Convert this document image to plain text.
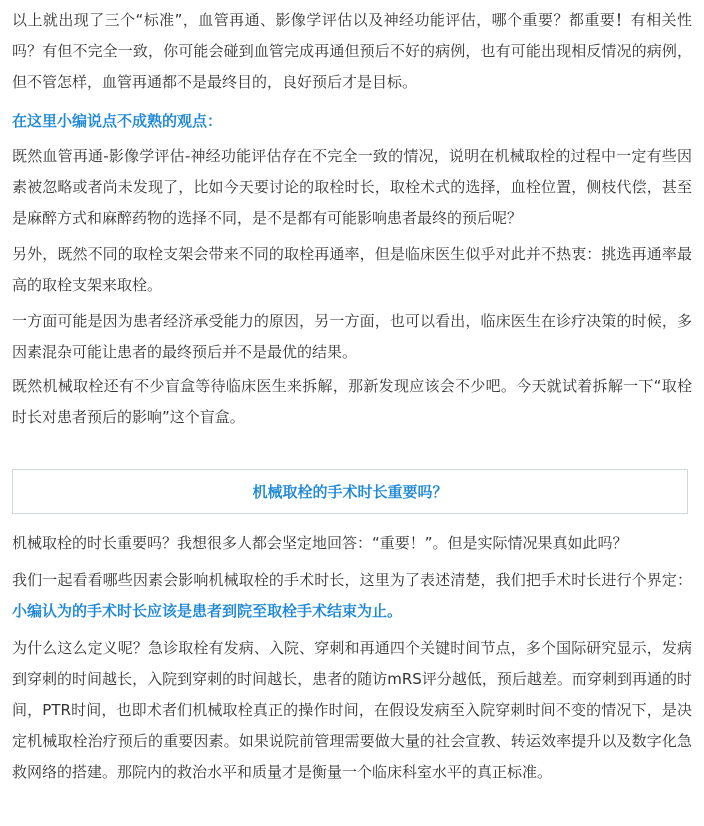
以上就出现了三个“标准”，血管再通、影像学评估以及神经功能评估，哪个重要？都重要！有相关性吗？有但不完全一致，你可能会碰到血管完成再通但预后不好的病例，也有可能出现相反情况的病例，但不管怎样，血管再通都不是最终目的，良好预后才是目标。

在这里小编说点不成熟的观点：

既然血管再通-影像学评估-神经功能评估存在不完全一致的情况，说明在机械取栓的过程中一定有些因素被忽略或者尚未发现了，比如今天要讨论的取栓时长，取栓术式的选择，血栓位置，侧枝代偿，甚至是麻醉方式和麻醉药物的选择不同，是不是都有可能影响患者最终的预后呢？

另外，既然不同的取栓支架会带来不同的取栓再通率，但是临床医生似乎对此并不热衷：挑选再通率最高的取栓支架来取栓。

一方面可能是因为患者经济承受能力的原因，另一方面，也可以看出，临床医生在诊疗决策的时候，多因素混杂可能让患者的最终预后并不是最优的结果。

既然机械取栓还有不少盲盒等待临床医生来拆解，那新发现应该会不少吧。今天就试着拆解一下“取栓时长对患者预后的影响”这个盲盒。

机械取栓的手术时长重要吗？

机械取栓的时长重要吗？我想很多人都会坚定地回答：“重要！”。但是实际情况果真如此吗？

我们一起看看哪些因素会影响机械取栓的手术时长，这里为了表述清楚，我们把手术时长进行个界定：小编认为的手术时长应该是患者到院至取栓手术结束为止。

为什么这么定义呢？急诊取栓有发病、入院、穿刺和再通四个关键时间节点，多个国际研究显示，发病到穿刺的时间越长，入院到穿刺的时间越长，患者的随访mRS评分越低，预后越差。而穿刺到再通的时间，PTR时间，也即术者们机械取栓真正的操作时间，在假设发病至入院穿刺时间不变的情况下，是决定机械取栓治疗预后的重要因素。如果说院前管理需要做大量的社会宣教、转运效率提升以及数字化急救网络的搭建。那院内的救治水平和质量才是衡量一个临床科室水平的真正标准。
